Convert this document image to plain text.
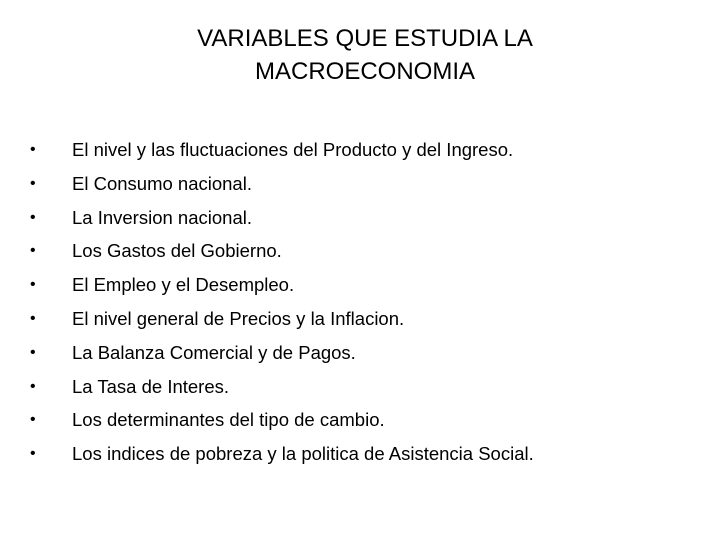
VARIABLES QUE ESTUDIA LA
MACROECONOMIA
•	El nivel y las fluctuaciones del Producto y del Ingreso.
•	El Consumo nacional.
•	La Inversion nacional.
•	Los Gastos del Gobierno.
•	El Empleo y el Desempleo.
•	El nivel general de Precios y la Inflacion.
•	La Balanza Comercial y de Pagos.
•	La Tasa de Interes.
•	Los determinantes del tipo de cambio.
•	Los indices de pobreza y la politica de Asistencia Social.
